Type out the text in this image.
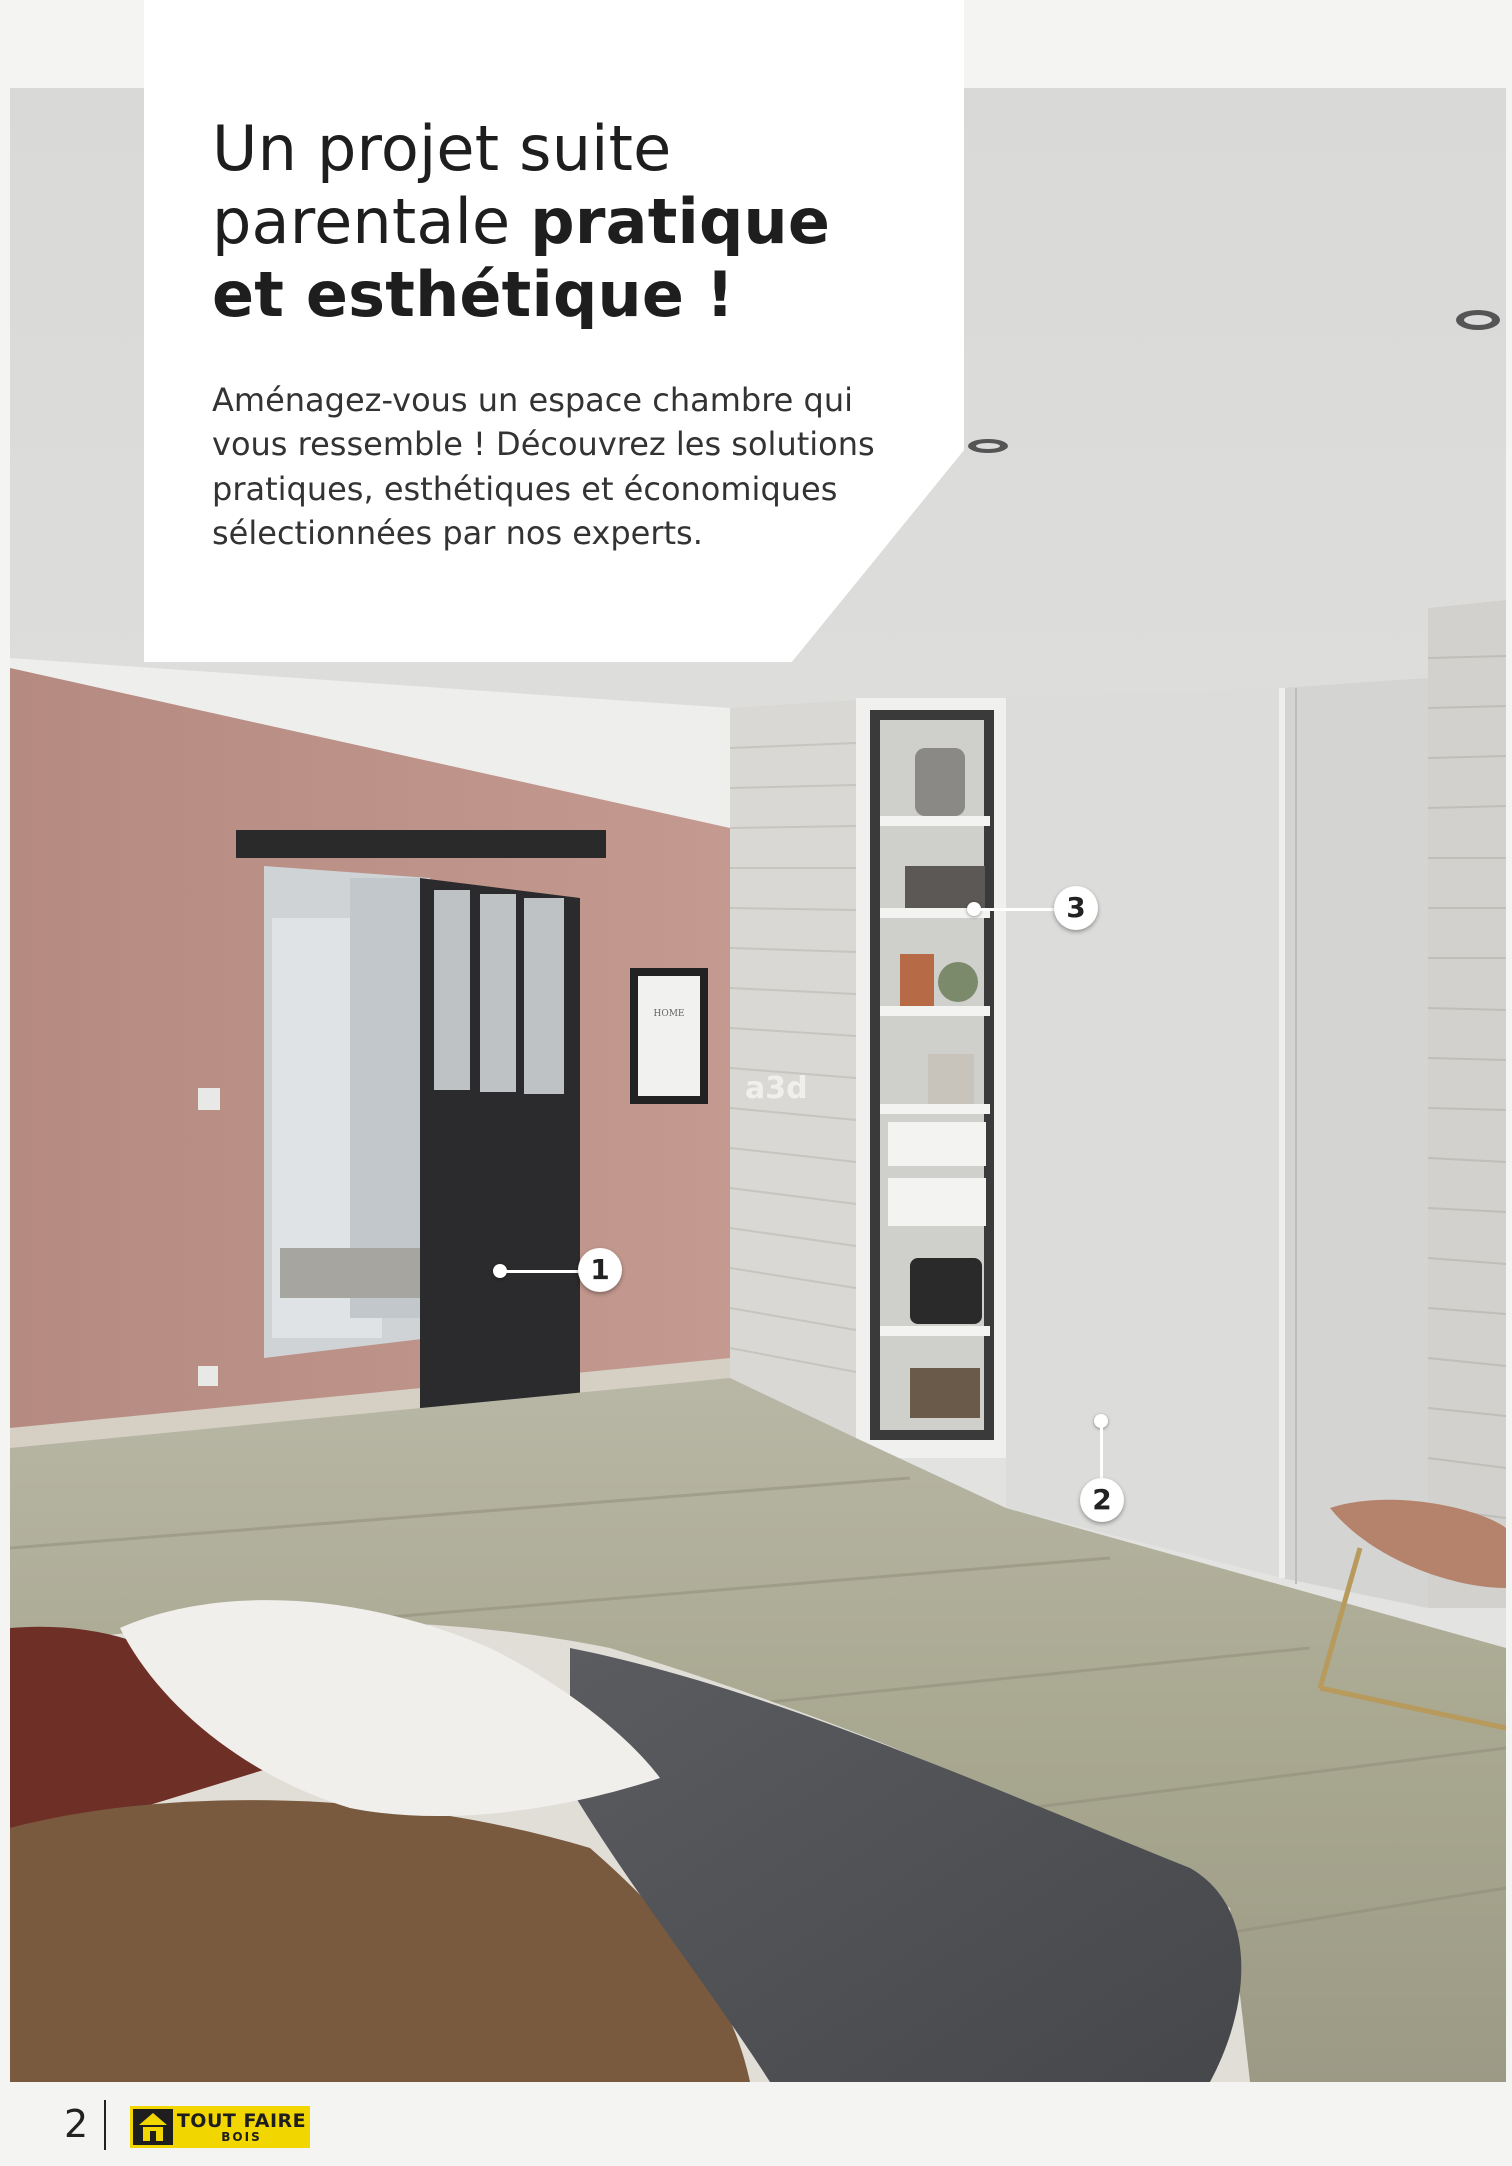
HOME
a3d
Un projet suite
parentale pratique
et esthétique !

Aménagez-vous un espace chambre qui vous ressemble ! Découvrez les solutions pratiques, esthétiques et économiques sélectionnées par nos experts.

1
3
2
2	TOUT FAIRE
BOIS
